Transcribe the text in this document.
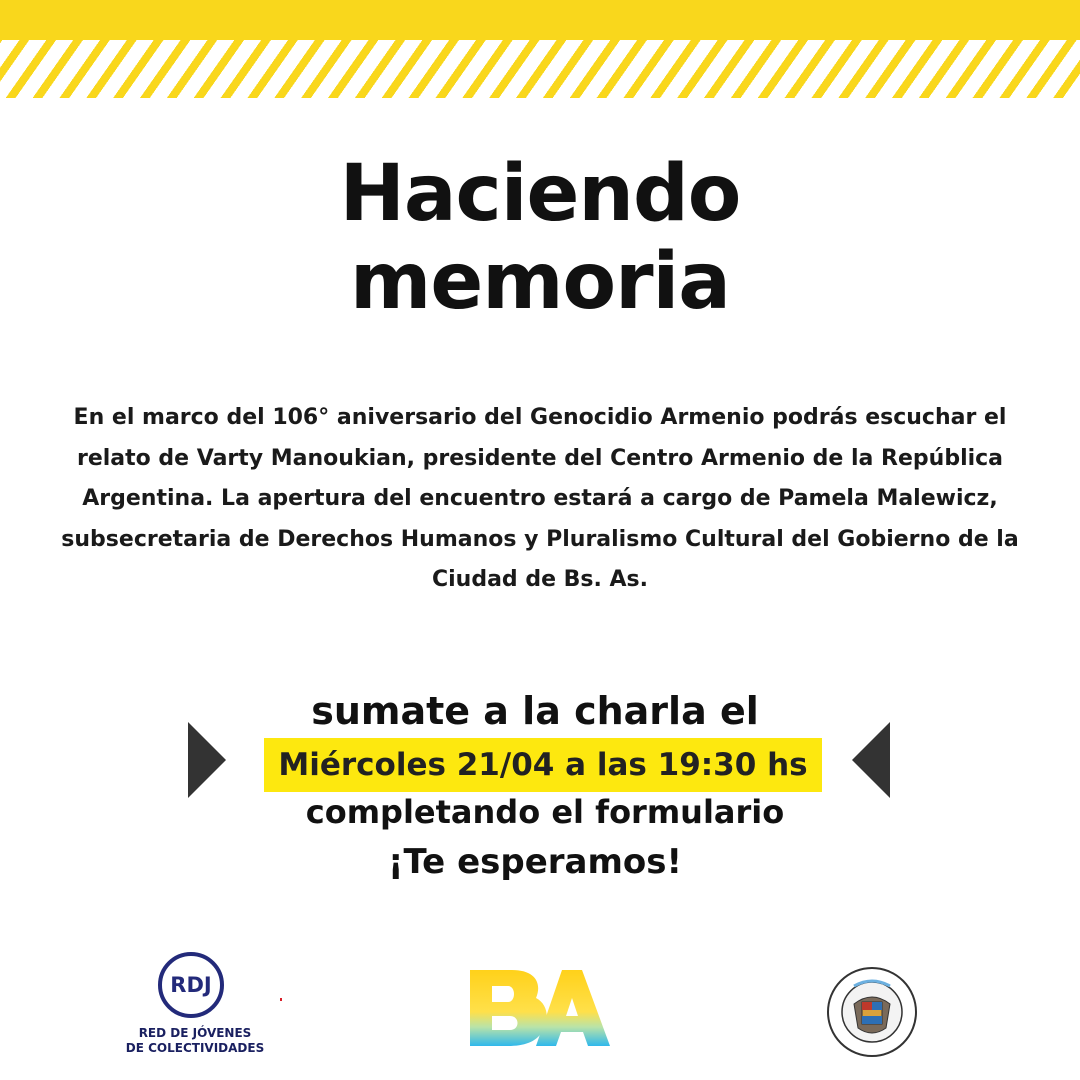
Haciendo
memoria
En el marco del 106° aniversario del Genocidio Armenio podrás escuchar el relato de Varty Manoukian, presidente del Centro Armenio de la República Argentina. La apertura del encuentro estará a cargo de Pamela Malewicz, subsecretaria de Derechos Humanos y Pluralismo Cultural del Gobierno de la Ciudad de Bs. As.
sumate a la charla el
Miércoles 21/04 a las 19:30 hs
completando el formulario
¡Te esperamos!
RDJ
RED DE JÓVENES
DE COLECTIVIDADES
